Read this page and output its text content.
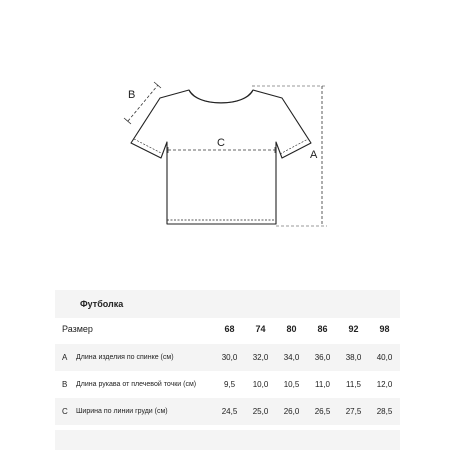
A
B
C
Футболка
Размер	68	74	80	86	92	98
A	Длина изделия по спинке (см)	30,0	32,0	34,0	36,0	38,0	40,0
B	Длина рукава от плечевой точки (см)	9,5	10,0	10,5	11,0	11,5	12,0
C	Ширина по линии груди (см)	24,5	25,0	26,0	26,5	27,5	28,5
